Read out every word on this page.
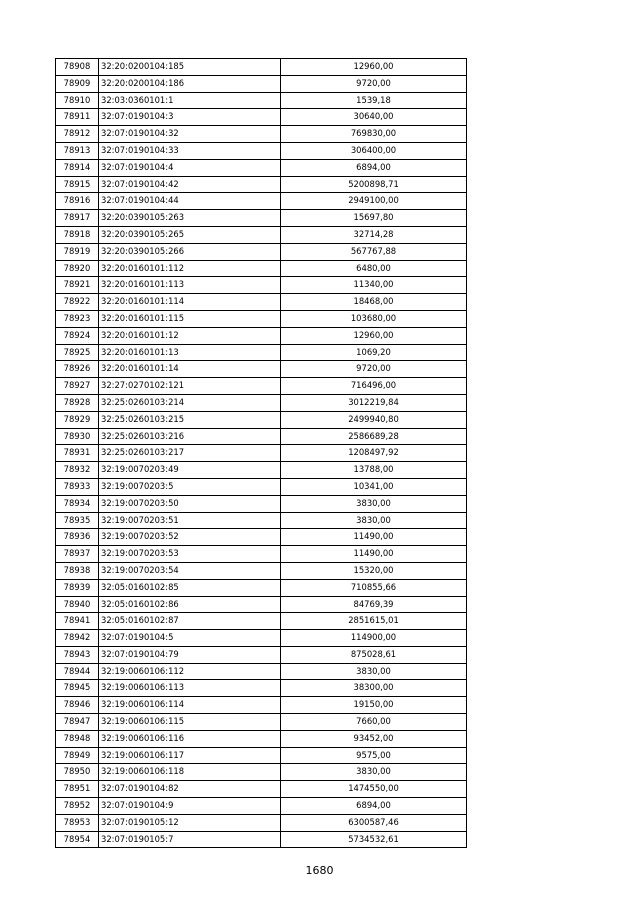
78908	32:20:0200104:185	12960,00
78909	32:20:0200104:186	9720,00
78910	32:03:0360101:1	1539,18
78911	32:07:0190104:3	30640,00
78912	32:07:0190104:32	769830,00
78913	32:07:0190104:33	306400,00
78914	32:07:0190104:4	6894,00
78915	32:07:0190104:42	5200898,71
78916	32:07:0190104:44	2949100,00
78917	32:20:0390105:263	15697,80
78918	32:20:0390105:265	32714,28
78919	32:20:0390105:266	567767,88
78920	32:20:0160101:112	6480,00
78921	32:20:0160101:113	11340,00
78922	32:20:0160101:114	18468,00
78923	32:20:0160101:115	103680,00
78924	32:20:0160101:12	12960,00
78925	32:20:0160101:13	1069,20
78926	32:20:0160101:14	9720,00
78927	32:27:0270102:121	716496,00
78928	32:25:0260103:214	3012219,84
78929	32:25:0260103:215	2499940,80
78930	32:25:0260103:216	2586689,28
78931	32:25:0260103:217	1208497,92
78932	32:19:0070203:49	13788,00
78933	32:19:0070203:5	10341,00
78934	32:19:0070203:50	3830,00
78935	32:19:0070203:51	3830,00
78936	32:19:0070203:52	11490,00
78937	32:19:0070203:53	11490,00
78938	32:19:0070203:54	15320,00
78939	32:05:0160102:85	710855,66
78940	32:05:0160102:86	84769,39
78941	32:05:0160102:87	2851615,01
78942	32:07:0190104:5	114900,00
78943	32:07:0190104:79	875028,61
78944	32:19:0060106:112	3830,00
78945	32:19:0060106:113	38300,00
78946	32:19:0060106:114	19150,00
78947	32:19:0060106:115	7660,00
78948	32:19:0060106:116	93452,00
78949	32:19:0060106:117	9575,00
78950	32:19:0060106:118	3830,00
78951	32:07:0190104:82	1474550,00
78952	32:07:0190104:9	6894,00
78953	32:07:0190105:12	6300587,46
78954	32:07:0190105:7	5734532,61
1680
